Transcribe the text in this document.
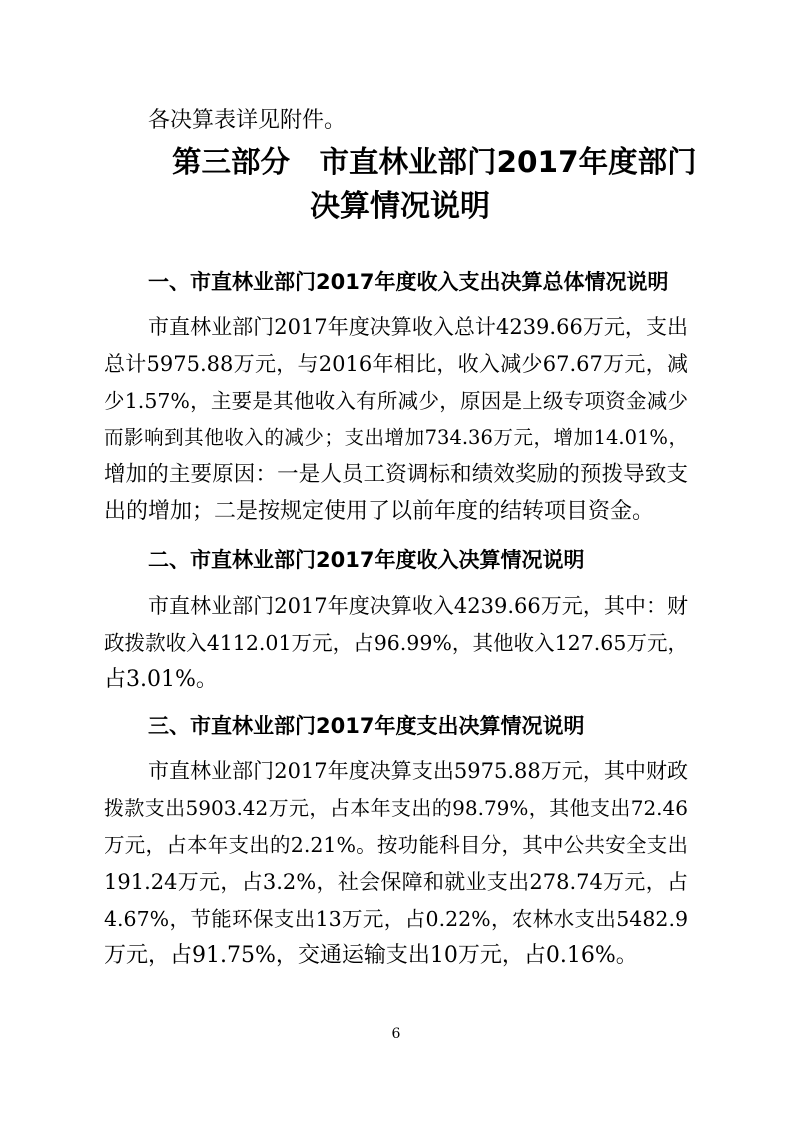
各决算表详见附件。
第三部分　市直林业部门2017年度部门
决算情况说明
一、市直林业部门2017年度收入支出决算总体情况说明
市直林业部门2017年度决算收入总计4239.66万元，支出
总计5975.88万元，与2016年相比，收入减少67.67万元，减
少1.57%，主要是其他收入有所减少，原因是上级专项资金减少
而影响到其他收入的减少；支出增加734.36万元，增加14.01%，
增加的主要原因：一是人员工资调标和绩效奖励的预拨导致支
出的增加；二是按规定使用了以前年度的结转项目资金。
二、市直林业部门2017年度收入决算情况说明
市直林业部门2017年度决算收入4239.66万元，其中：财
政拨款收入4112.01万元，占96.99%，其他收入127.65万元，
占3.01%。
三、市直林业部门2017年度支出决算情况说明
市直林业部门2017年度决算支出5975.88万元，其中财政
拨款支出5903.42万元，占本年支出的98.79%，其他支出72.46
万元，占本年支出的2.21%。按功能科目分，其中公共安全支出
191.24万元，占3.2%，社会保障和就业支出278.74万元，占
4.67%，节能环保支出13万元，占0.22%，农林水支出5482.9
万元，占91.75%，交通运输支出10万元，占0.16%。
6
